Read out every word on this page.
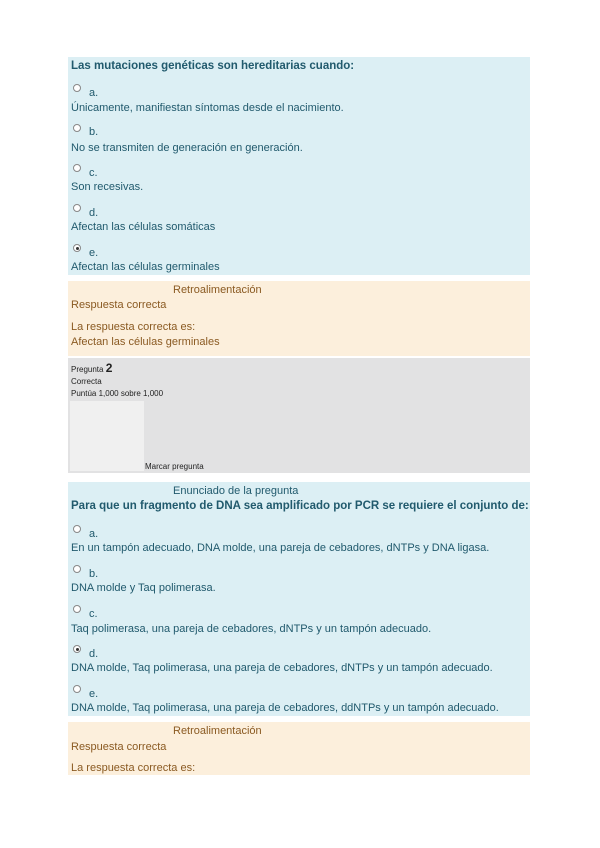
Las mutaciones genéticas son hereditarias cuando:
a.
Únicamente, manifiestan síntomas desde el nacimiento.
b.
No se transmiten de generación en generación.
c.
Son recesivas.
d.
Afectan las células somáticas
e.
Afectan las células germinales
Retroalimentación
Respuesta correcta
La respuesta correcta es:
Afectan las células germinales
Pregunta 2
Correcta
Puntúa 1,000 sobre 1,000
Marcar pregunta
Enunciado de la pregunta
Para que un fragmento de DNA sea amplificado por PCR se requiere el conjunto de:
a.
En un tampón adecuado, DNA molde, una pareja de cebadores, dNTPs y DNA ligasa.
b.
DNA molde y Taq polimerasa.
c.
Taq polimerasa, una pareja de cebadores, dNTPs y un tampón adecuado.
d.
DNA molde, Taq polimerasa, una pareja de cebadores, dNTPs y un tampón adecuado.
e.
DNA molde, Taq polimerasa, una pareja de cebadores, ddNTPs y un tampón adecuado.
Retroalimentación
Respuesta correcta
La respuesta correcta es:
